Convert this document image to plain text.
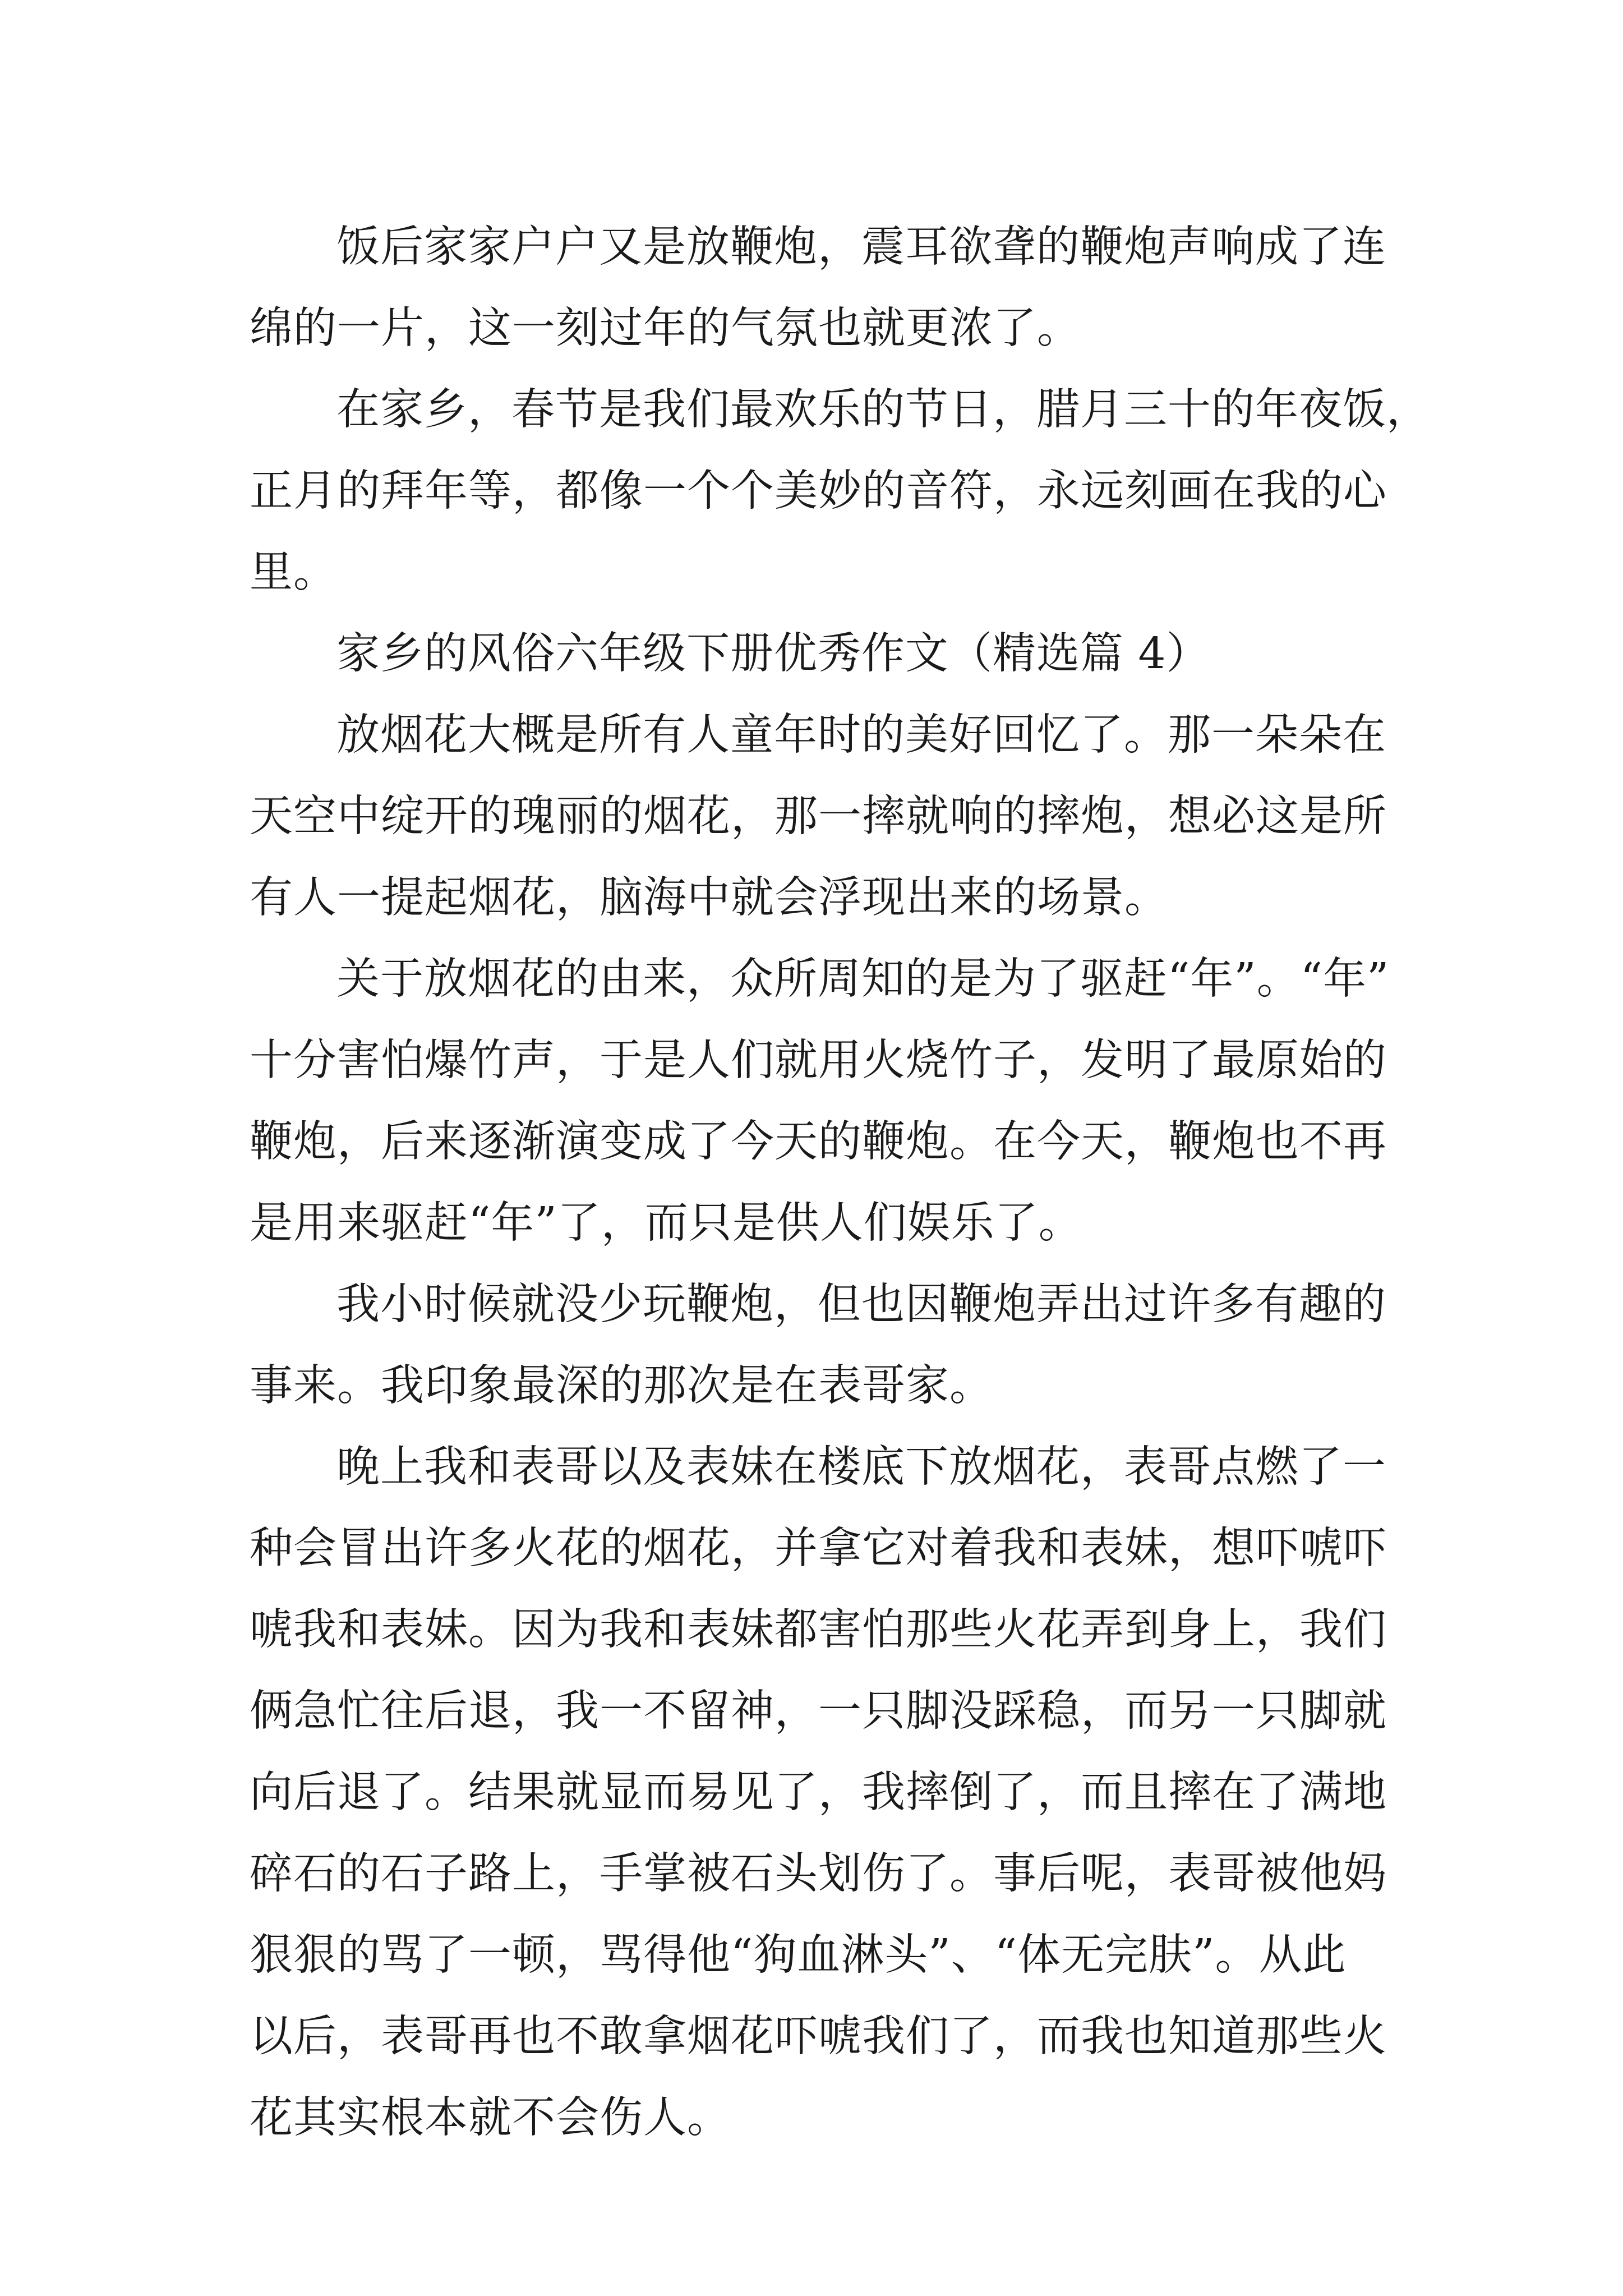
饭后家家户户又是放鞭炮，震耳欲聋的鞭炮声响成了连
绵的一片，这一刻过年的气氛也就更浓了。
在家乡，春节是我们最欢乐的节日，腊月三十的年夜饭，
正月的拜年等，都像一个个美妙的音符，永远刻画在我的心
里。
家乡的风俗六年级下册优秀作文（精选篇 4）
放烟花大概是所有人童年时的美好回忆了。那一朵朵在
天空中绽开的瑰丽的烟花，那一摔就响的摔炮，想必这是所
有人一提起烟花，脑海中就会浮现出来的场景。
关于放烟花的由来，众所周知的是为了驱赶“年”。“年”
十分害怕爆竹声，于是人们就用火烧竹子，发明了最原始的
鞭炮，后来逐渐演变成了今天的鞭炮。在今天，鞭炮也不再
是用来驱赶“年”了，而只是供人们娱乐了。
我小时候就没少玩鞭炮，但也因鞭炮弄出过许多有趣的
事来。我印象最深的那次是在表哥家。
晚上我和表哥以及表妹在楼底下放烟花，表哥点燃了一
种会冒出许多火花的烟花，并拿它对着我和表妹，想吓唬吓
唬我和表妹。因为我和表妹都害怕那些火花弄到身上，我们
俩急忙往后退，我一不留神，一只脚没踩稳，而另一只脚就
向后退了。结果就显而易见了，我摔倒了，而且摔在了满地
碎石的石子路上，手掌被石头划伤了。事后呢，表哥被他妈
狠狠的骂了一顿，骂得他“狗血淋头”、“体无完肤”。从此
以后，表哥再也不敢拿烟花吓唬我们了，而我也知道那些火
花其实根本就不会伤人。
